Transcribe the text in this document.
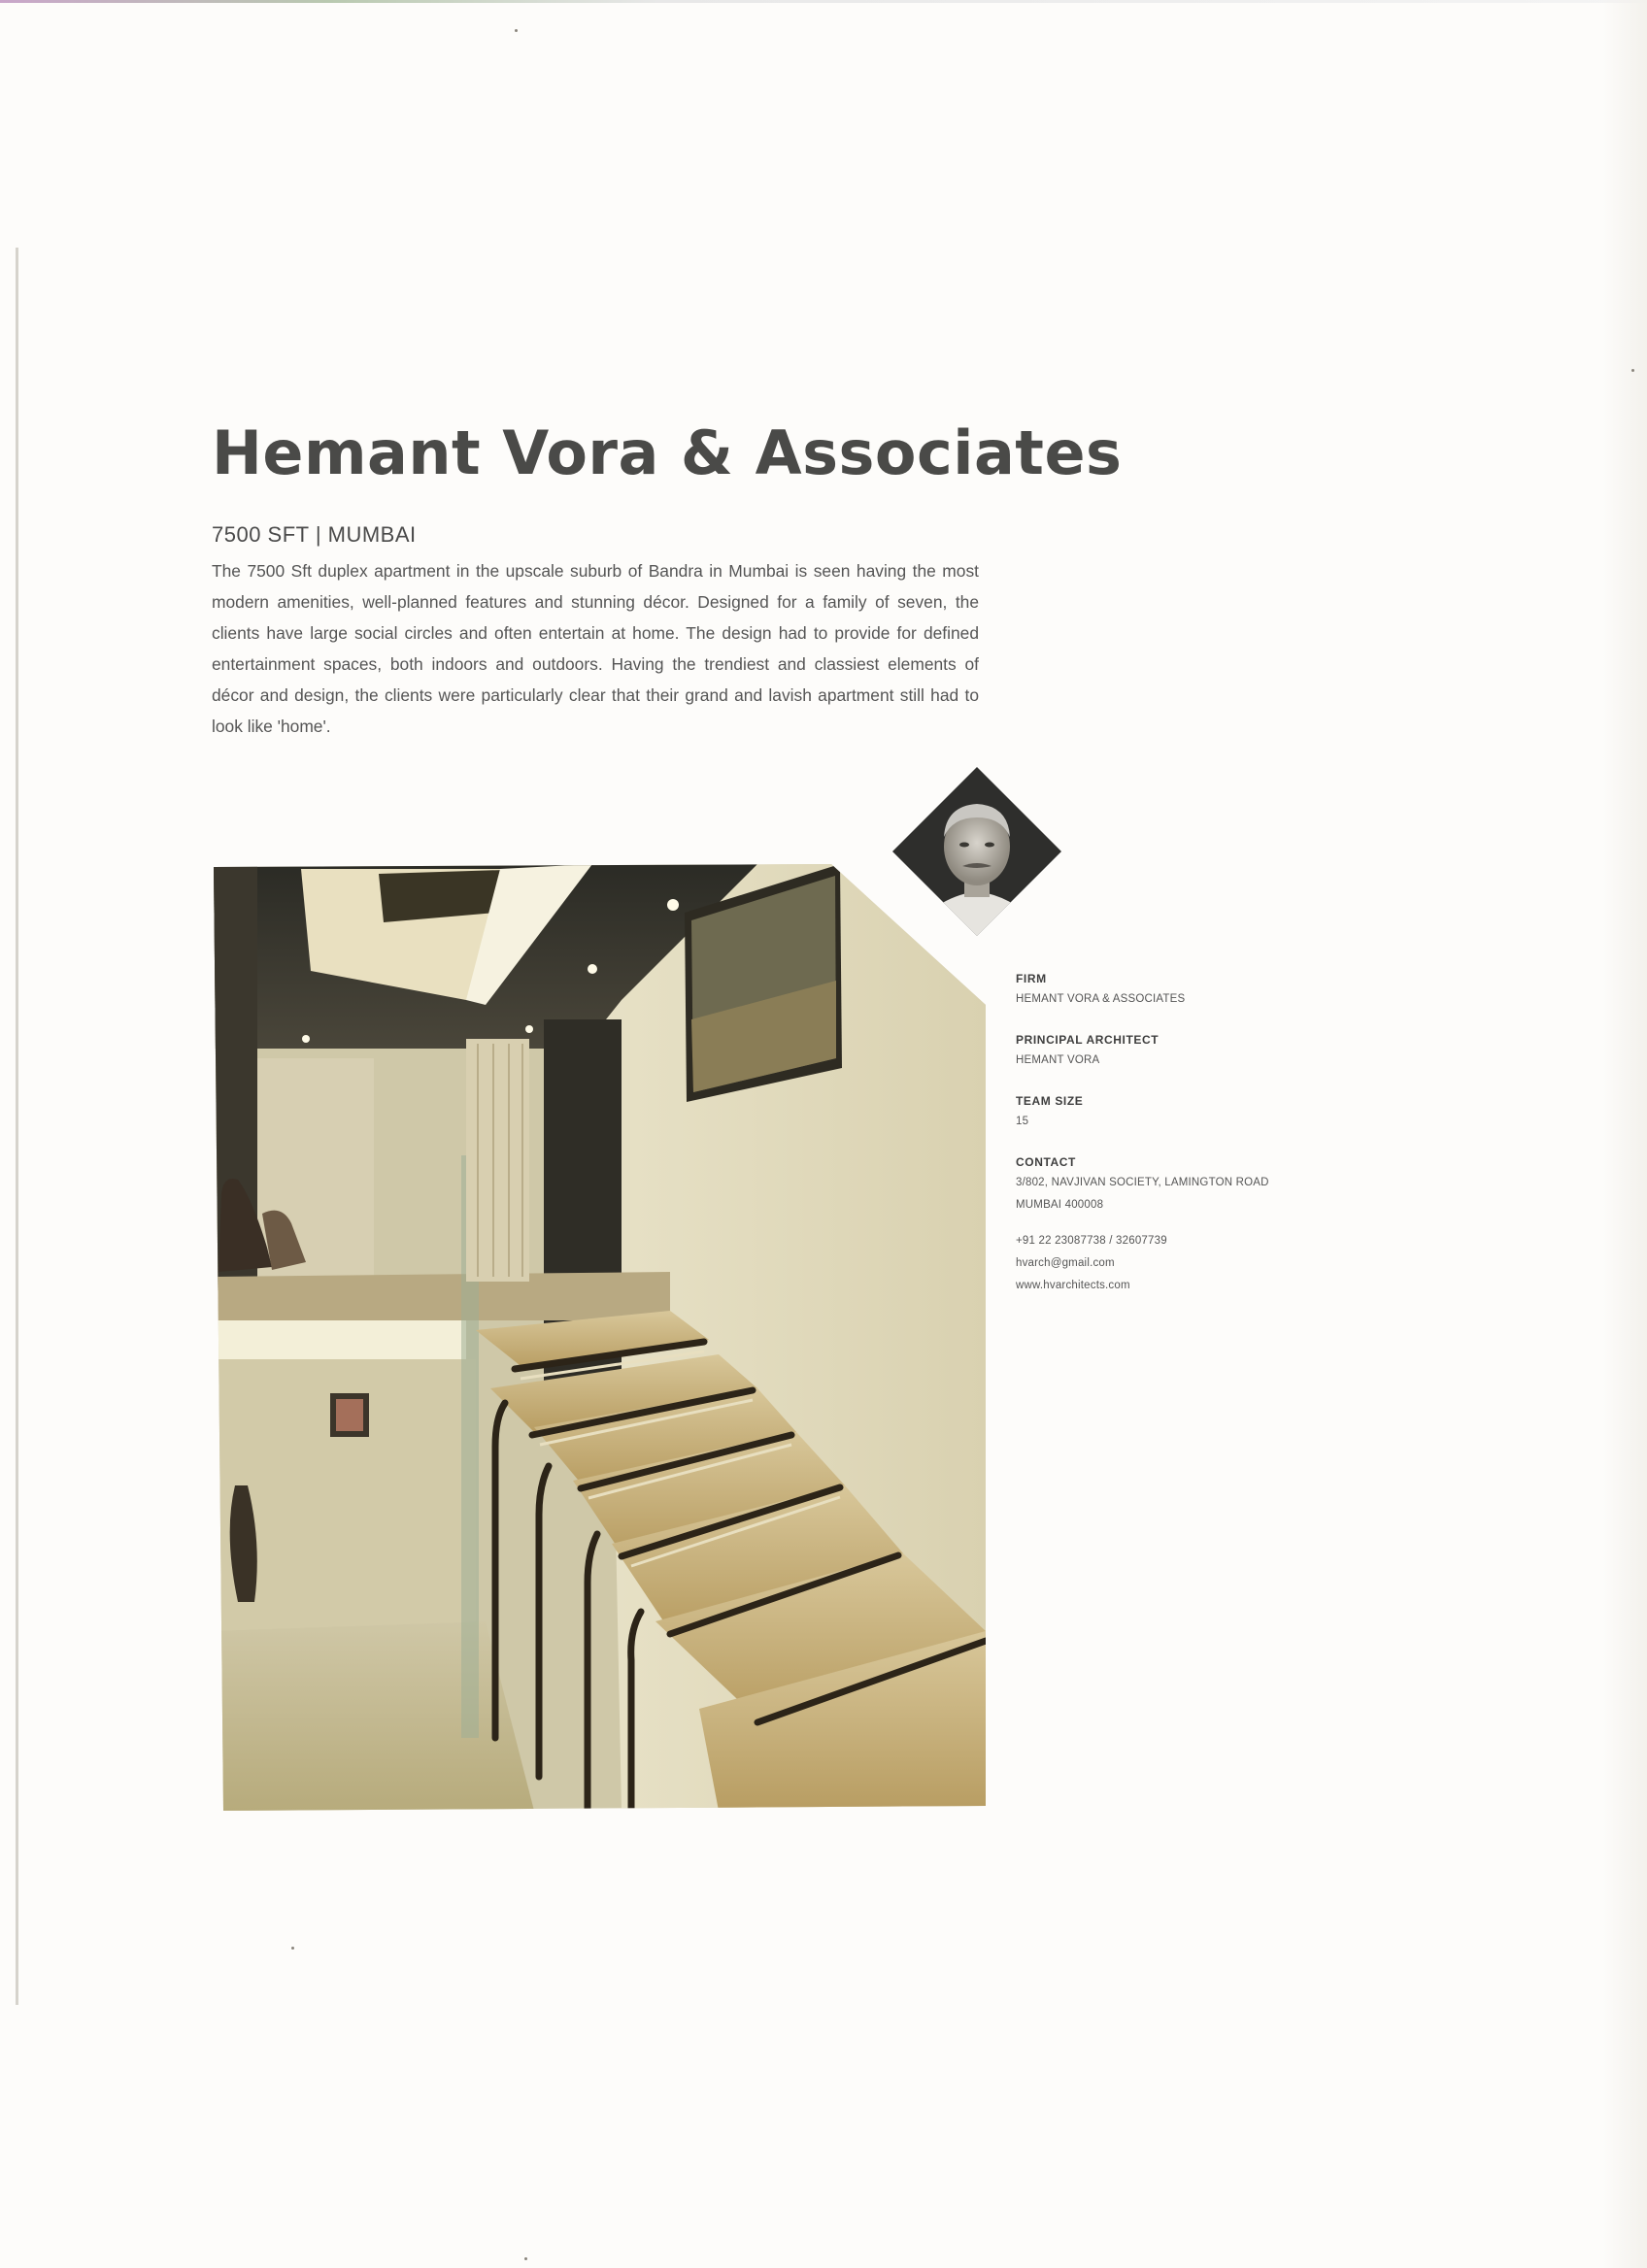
Hemant Vora & Associates
7500 SFT | MUMBAI

The 7500 Sft duplex apartment in the upscale suburb of Bandra in Mumbai is seen having the most modern amenities, well-planned features and stunning décor. Designed for a family of seven, the clients have large social circles and often entertain at home. The design had to provide for defined entertainment spaces, both indoors and outdoors. Having the trendiest and classiest elements of décor and design, the clients were particularly clear that their grand and lavish apartment still had to look like 'home'.

FIRM

HEMANT VORA & ASSOCIATES

PRINCIPAL ARCHITECT

HEMANT VORA

TEAM SIZE

15

CONTACT

3/802, NAVJIVAN SOCIETY, LAMINGTON ROAD

MUMBAI 400008

+91 22 23087738 / 32607739

hvarch@gmail.com

www.hvarchitects.com
